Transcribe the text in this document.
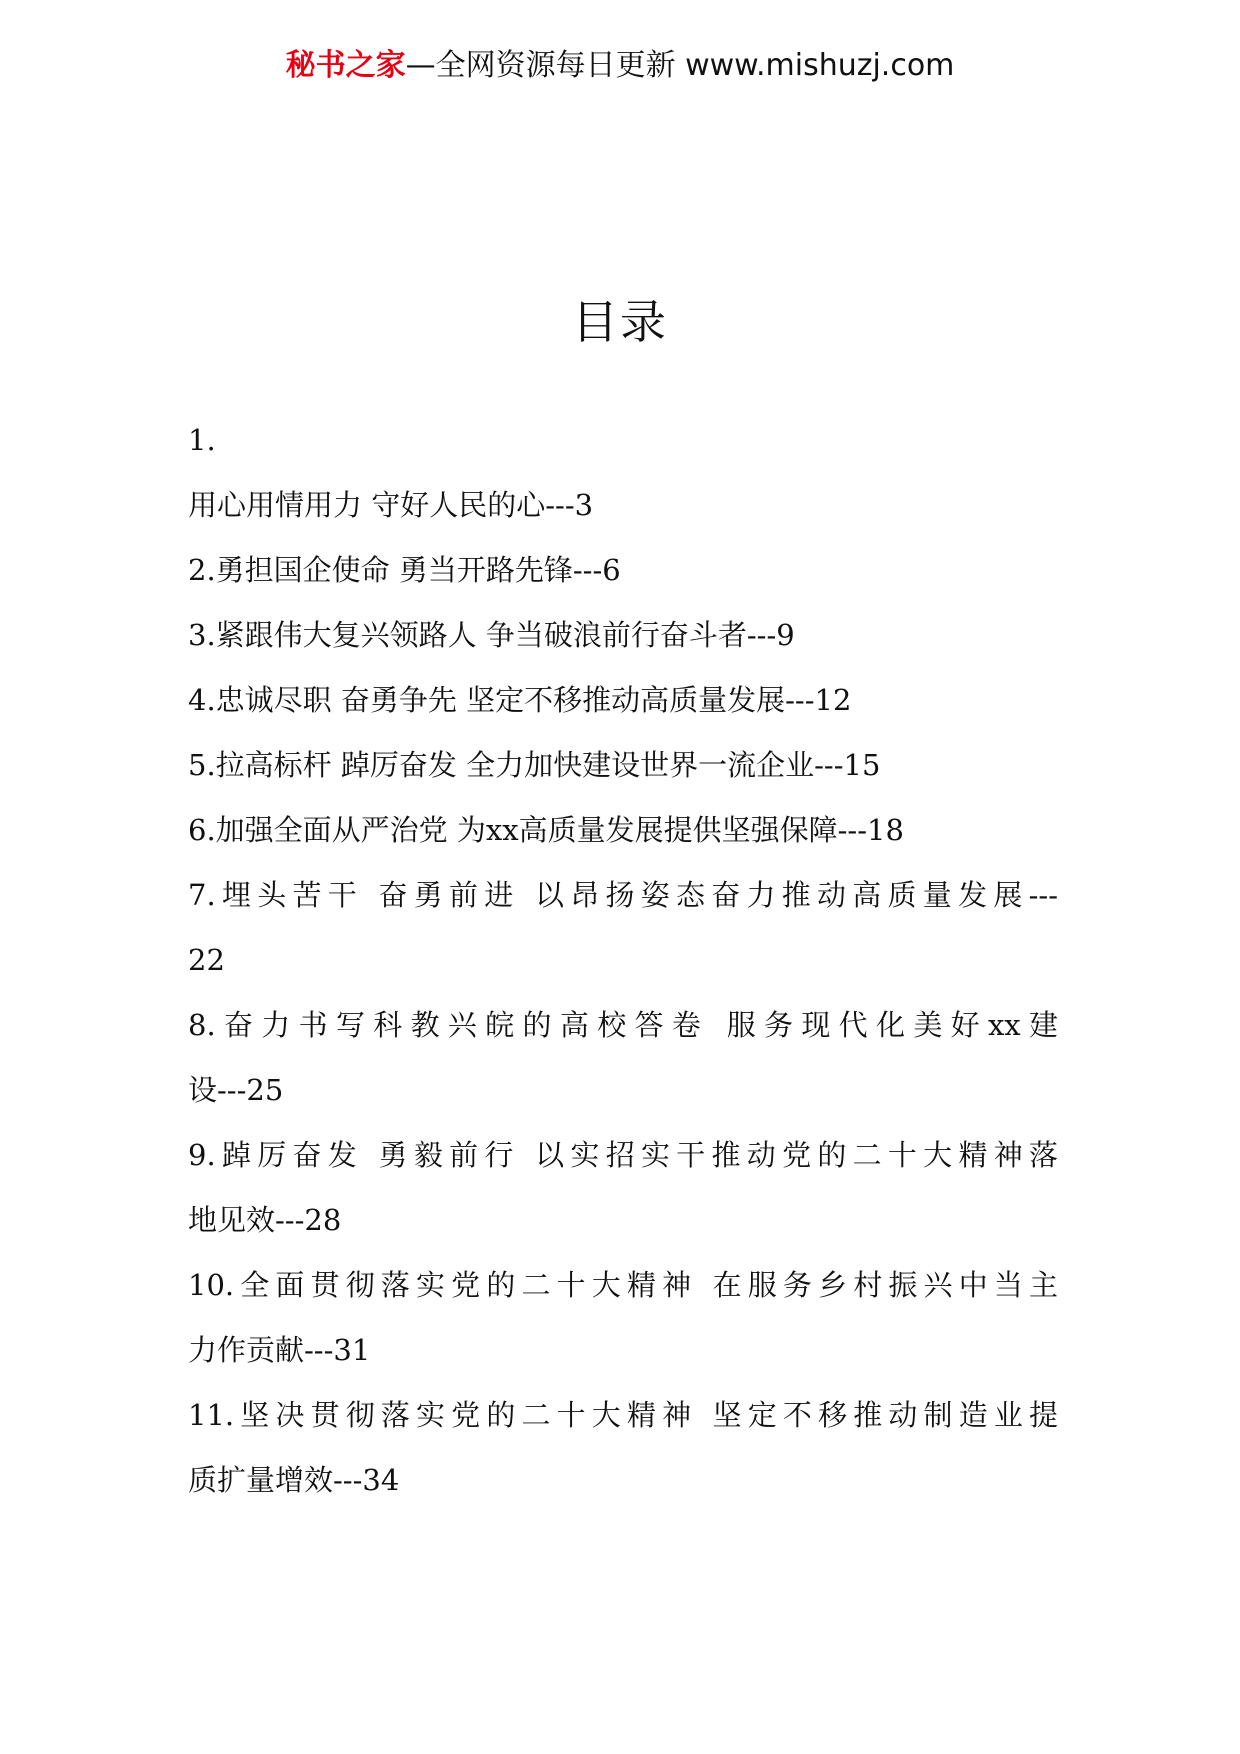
秘书之家—全网资源每日更新 www.mishuzj.com
目录
1.
用心用情用力 守好人民的心---3
2.勇担国企使命 勇当开路先锋---6
3.紧跟伟大复兴领路人 争当破浪前行奋斗者---9
4.忠诚尽职 奋勇争先 坚定不移推动高质量发展---12
5.拉高标杆 踔厉奋发 全力加快建设世界一流企业---15
6.加强全面从严治党 为xx高质量发展提供坚强保障---18
7.埋头苦干 奋勇前进 以昂扬姿态奋力推动高质量发展---
22
8.奋力书写科教兴皖的高校答卷 服务现代化美好xx建
设---25
9.踔厉奋发 勇毅前行 以实招实干推动党的二十大精神落
地见效---28
10.全面贯彻落实党的二十大精神 在服务乡村振兴中当主
力作贡献---31
11.坚决贯彻落实党的二十大精神 坚定不移推动制造业提
质扩量增效---34
